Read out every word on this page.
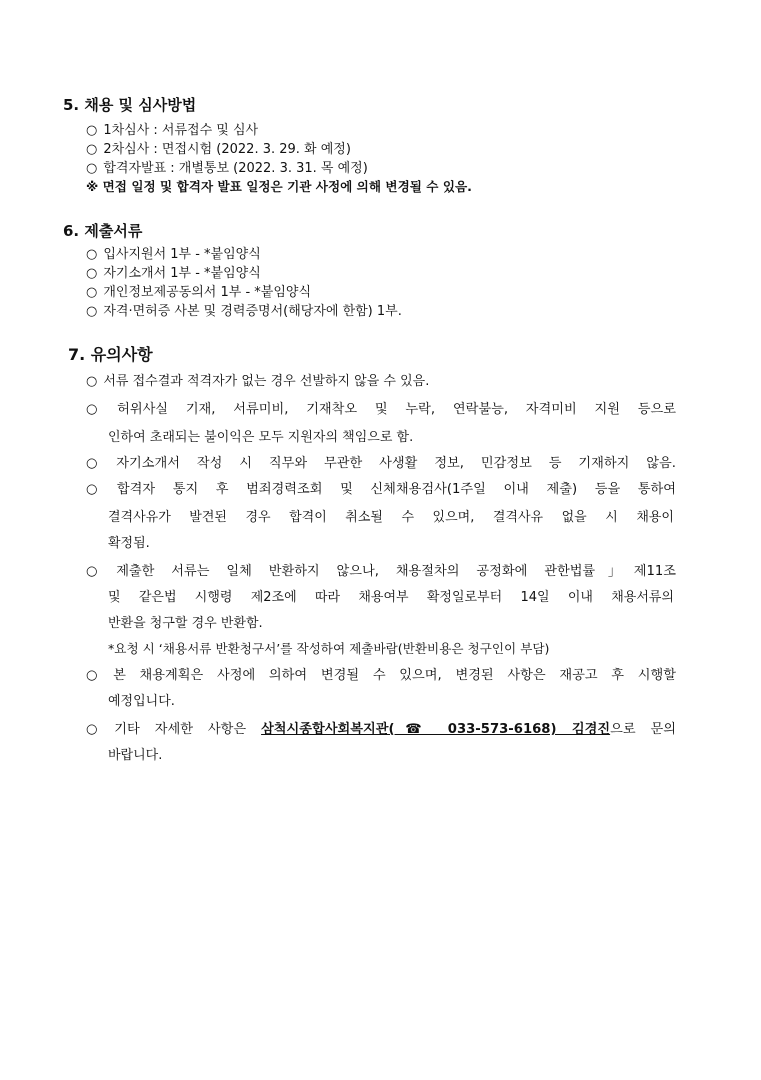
5. 채용 및 심사방법
○ 1차심사 : 서류접수 및 심사
○ 2차심사 : 면접시험 (2022. 3. 29. 화 예정)
○ 합격자발표 : 개별통보 (2022. 3. 31. 목 예정)
※ 면접 일정 및 합격자 발표 일정은 기관 사정에 의해 변경될 수 있음.
6. 제출서류
○ 입사지원서 1부 - *붙임양식
○ 자기소개서 1부 - *붙임양식
○ 개인정보제공동의서 1부 - *붙임양식
○ 자격·면허증 사본 및 경력증명서(해당자에 한함) 1부.
7. 유의사항
○ 서류 접수결과 적격자가 없는 경우 선발하지 않을 수 있음.
○ 허위사실 기재, 서류미비, 기재착오 및 누락, 연락불능, 자격미비 지원 등으로
인하여 초래되는 불이익은 모두 지원자의 책임으로 함.
○ 자기소개서 작성 시 직무와 무관한 사생활 정보, 민감정보 등 기재하지 않음.
○ 합격자 통지 후 범죄경력조회 및 신체채용검사(1주일 이내 제출) 등을 통하여
결격사유가 발견된 경우 합격이 취소될 수 있으며, 결격사유 없을 시 채용이
확정됨.
○ 제출한 서류는 일체 반환하지 않으나, 채용절차의 공정화에 관한법률」제11조
및 같은법 시행령 제2조에 따라 채용여부 확정일로부터 14일 이내 채용서류의
반환을 청구할 경우 반환함.
*요청 시 ‘채용서류 반환청구서’를 작성하여 제출바람(반환비용은 청구인이 부담)
○ 본 채용계획은 사정에 의하여 변경될 수 있으며, 변경된 사항은 재공고 후 시행할
예정입니다.
○ 기타 자세한 사항은 삼척시종합사회복지관(☎ 033-573-6168) 김경진으로 문의
바랍니다.
